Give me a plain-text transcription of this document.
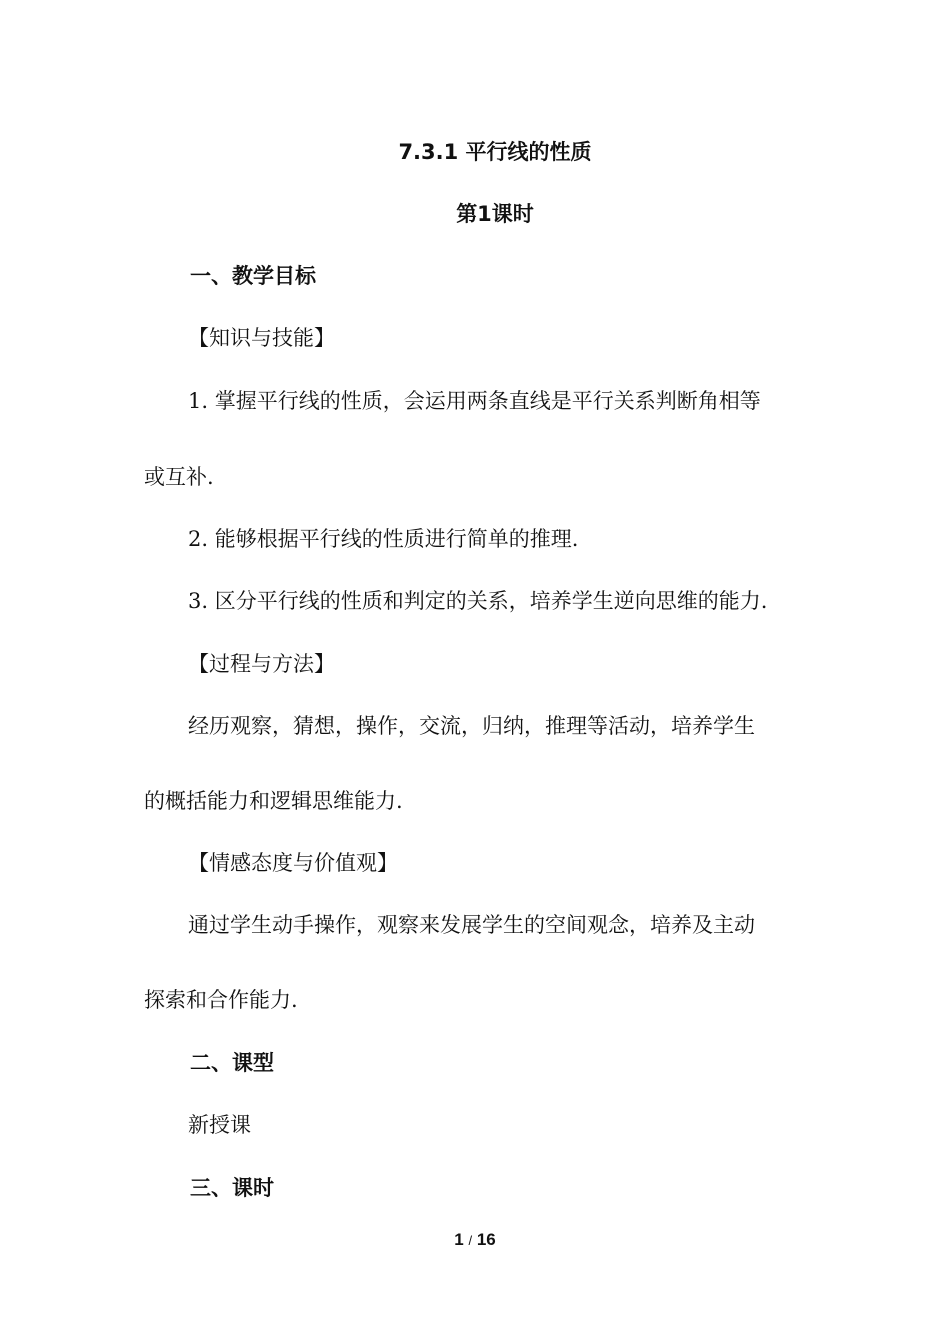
7.3.1 平行线的性质

第1课时

一、教学目标

【知识与技能】

1. 掌握平行线的性质，会运用两条直线是平行关系判断角相等

或互补.

2. 能够根据平行线的性质进行简单的推理.

3. 区分平行线的性质和判定的关系，培养学生逆向思维的能力.

【过程与方法】

经历观察，猜想，操作，交流，归纳，推理等活动，培养学生

的概括能力和逻辑思维能力.

【情感态度与价值观】

通过学生动手操作，观察来发展学生的空间观念，培养及主动

探索和合作能力.

二、课型

新授课

三、课时

1 / 16
